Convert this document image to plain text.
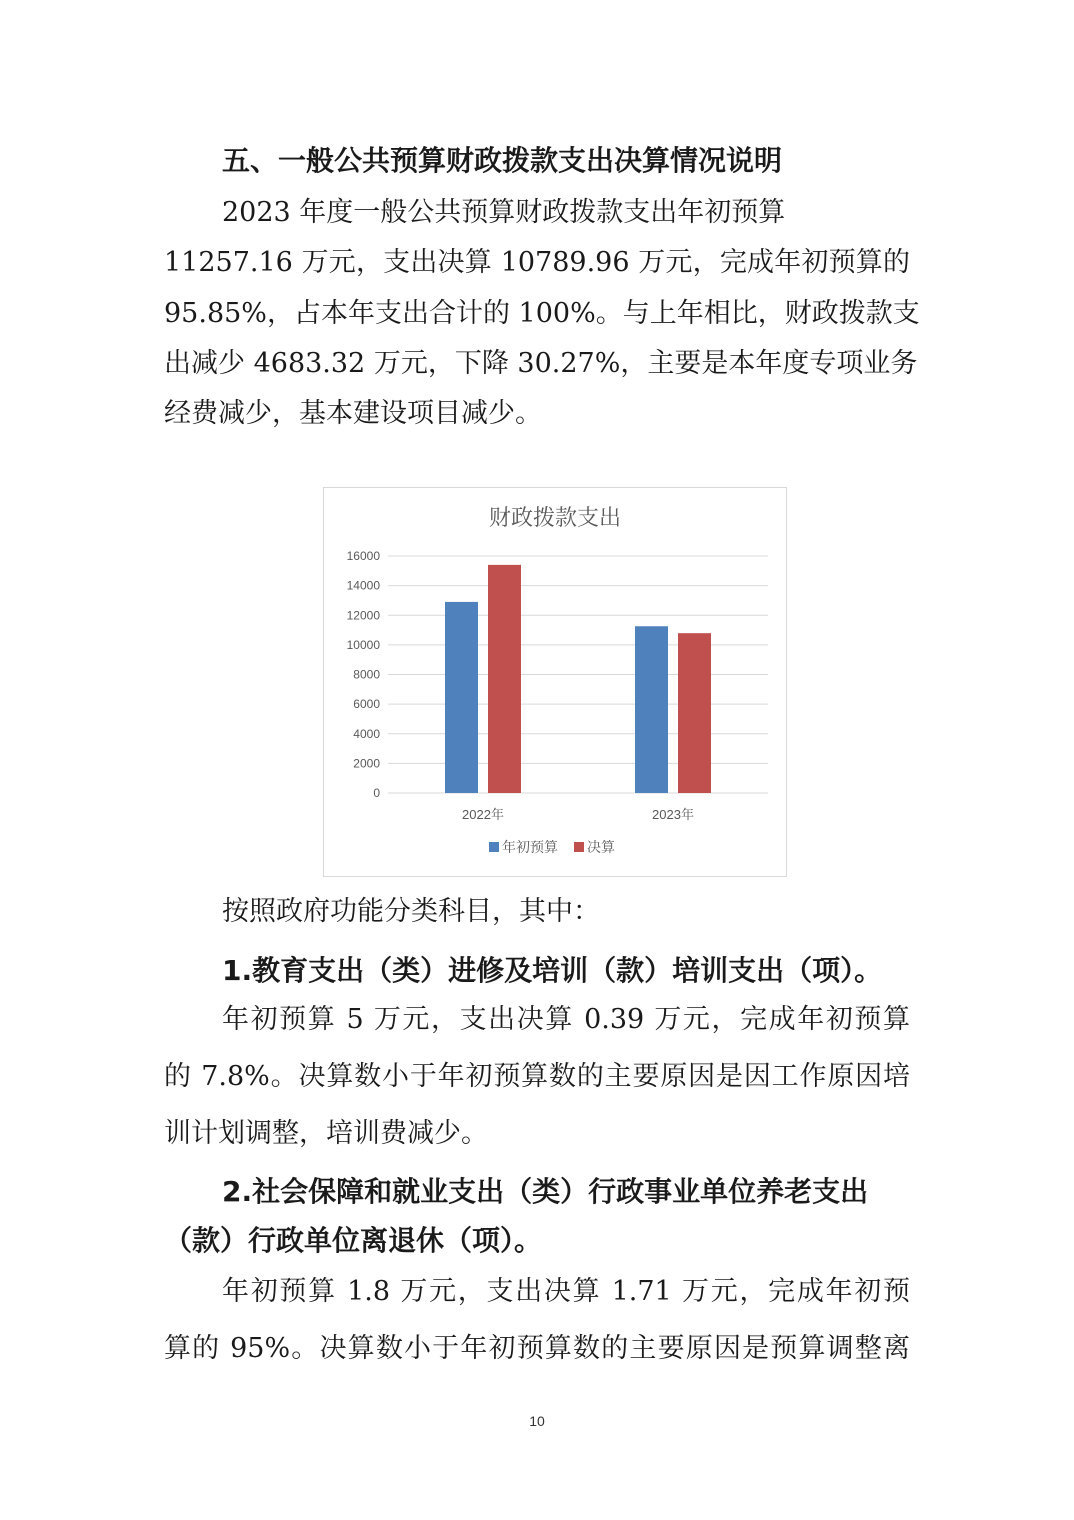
五、一般公共预算财政拨款支出决算情况说明
2023 年度一般公共预算财政拨款支出年初预算
11257.16 万元，支出决算 10789.96 万元，完成年初预算的
95.85%，占本年支出合计的 100%。与上年相比，财政拨款支
出减少 4683.32 万元，下降 30.27%，主要是本年度专项业务
经费减少，基本建设项目减少。
财政拨款支出
0
2000
4000
6000
8000
10000
12000
14000
16000
2022年	2023年
年初预算 决算
按照政府功能分类科目，其中：
1.教育支出（类）进修及培训（款）培训支出（项）。
年初预算 5 万元，支出决算 0.39 万元，完成年初预算
的 7.8%。决算数小于年初预算数的主要原因是因工作原因培
训计划调整，培训费减少。
2.社会保障和就业支出（类）行政事业单位养老支出
（款）行政单位离退休（项）。
年初预算 1.8 万元，支出决算 1.71 万元，完成年初预
算的 95%。决算数小于年初预算数的主要原因是预算调整离
10
